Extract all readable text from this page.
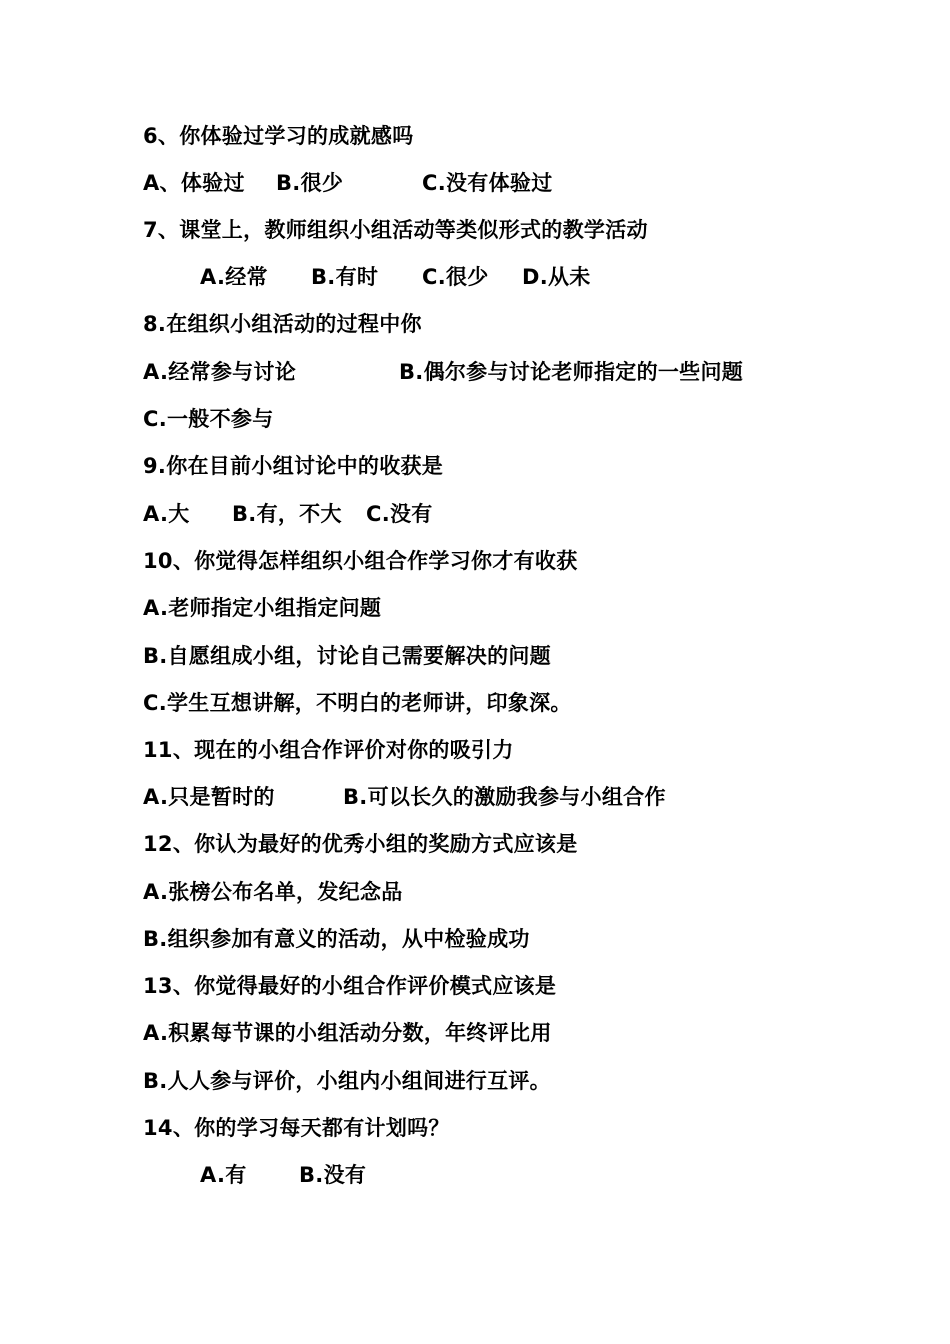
6、你体验过学习的成就感吗
A、体验过 B.很少	C.没有体验过
7、课堂上，教师组织小组活动等类似形式的教学活动
A.经常 B.有时 C.很少 D.从未
8.在组织小组活动的过程中你
A.经常参与讨论	B.偶尔参与讨论老师指定的一些问题
C.一般不参与
9.你在目前小组讨论中的收获是
A.大 B.有，不大 C.没有
10、你觉得怎样组织小组合作学习你才有收获
A.老师指定小组指定问题
B.自愿组成小组，讨论自己需要解决的问题
C.学生互想讲解，不明白的老师讲，印象深。
11、现在的小组合作评价对你的吸引力
A.只是暂时的	B.可以长久的激励我参与小组合作
12、你认为最好的优秀小组的奖励方式应该是
A.张榜公布名单，发纪念品
B.组织参加有意义的活动，从中检验成功
13、你觉得最好的小组合作评价模式应该是
A.积累每节课的小组活动分数，年终评比用
B.人人参与评价，小组内小组间进行互评。
14、你的学习每天都有计划吗？
A.有 B.没有
